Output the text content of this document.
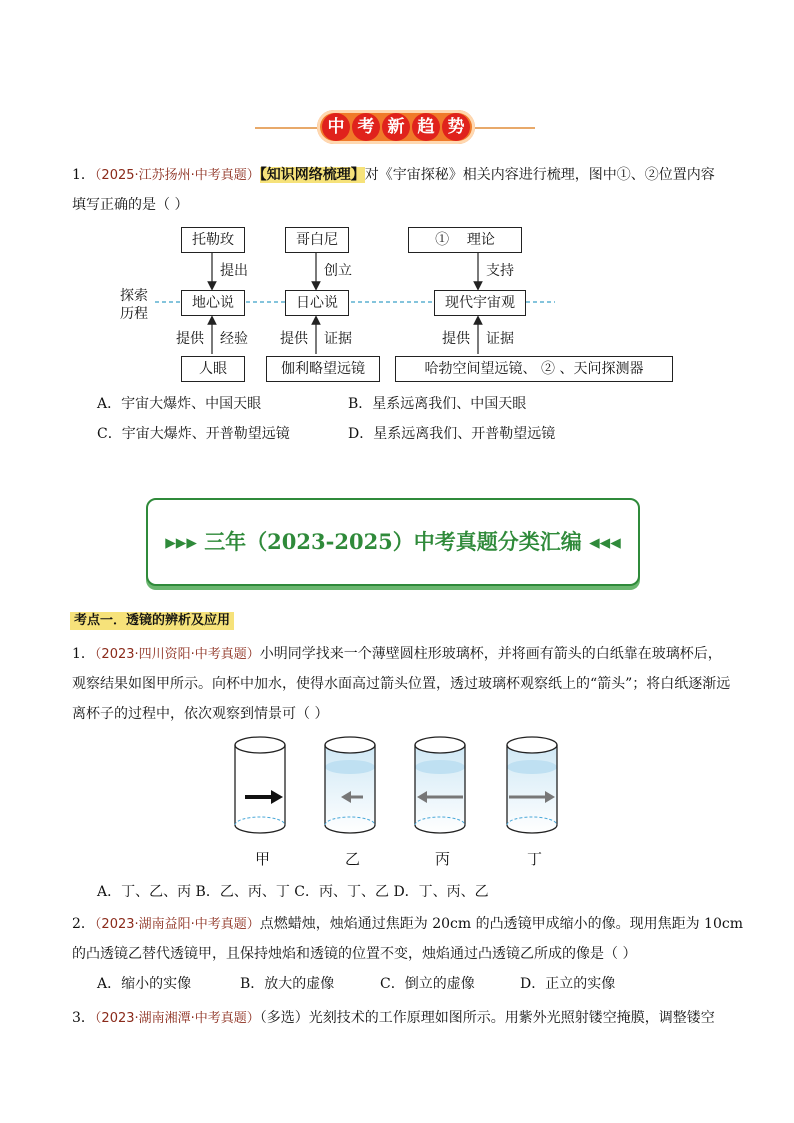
中 考 新 趋 势
1．（2025·江苏扬州·中考真题）【知识网络梳理】对《宇宙探秘》相关内容进行梳理，图中①、②位置内容
填写正确的是（ ）
探索
历程
托勒玫	哥白尼	① 理论
提出	创立	支持
地心说	日心说	现代宇宙观
提供 经验 提供 证据	提供 证据
人眼	伽利略望远镜	哈勃空间望远镜、 ② 、天问探测器
A．宇宙大爆炸、中国天眼	B．星系远离我们、中国天眼
C．宇宙大爆炸、开普勒望远镜	D．星系远离我们、开普勒望远镜
▸▸▸ 三年（2023-2025）中考真题分类汇编 ◂◂◂
考点一．透镜的辨析及应用
1．（2023·四川资阳·中考真题）小明同学找来一个薄壁圆柱形玻璃杯，并将画有箭头的白纸靠在玻璃杯后，
观察结果如图甲所示。向杯中加水，使得水面高过箭头位置，透过玻璃杯观察纸上的“箭头”；将白纸逐渐远
离杯子的过程中，依次观察到情景可（ ）
甲	乙	丙	丁
A．丁、乙、丙 B．乙、丙、丁 C．丙、丁、乙 D．丁、丙、乙
2．（2023·湖南益阳·中考真题）点燃蜡烛，烛焰通过焦距为 20cm 的凸透镜甲成缩小的像。现用焦距为 10cm
的凸透镜乙替代透镜甲，且保持烛焰和透镜的位置不变，烛焰通过凸透镜乙所成的像是（ ）
A．缩小的实像	B．放大的虚像	C．倒立的虚像	D．正立的实像
3．（2023·湖南湘潭·中考真题）（多选）光刻技术的工作原理如图所示。用紫外光照射镂空掩膜，调整镂空
